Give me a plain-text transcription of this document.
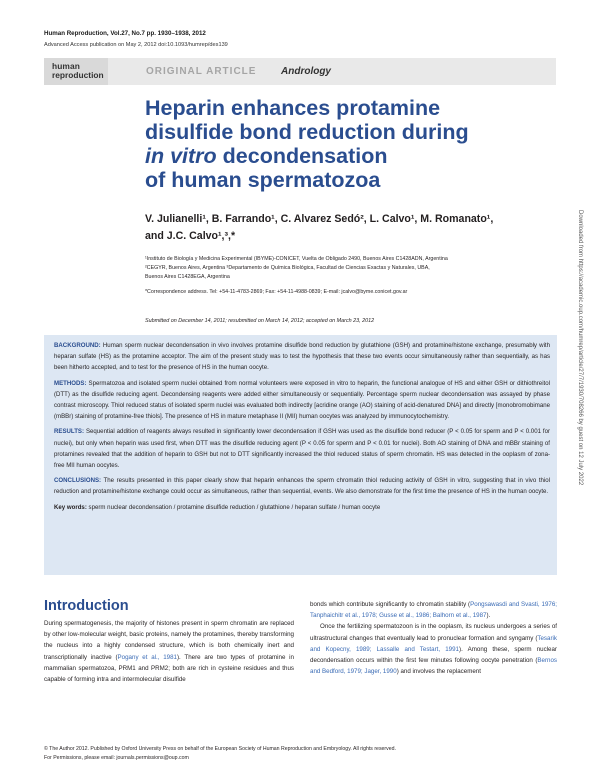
Human Reproduction, Vol.27, No.7 pp. 1930–1938, 2012
Advanced Access publication on May 2, 2012 doi:10.1093/humrep/des139
human
reproduction	ORIGINAL ARTICLE Andrology
Heparin enhances protamine
disulfide bond reduction during
in vitro decondensation
of human spermatozoa
V. Julianelli¹, B. Farrando¹, C. Alvarez Sedó², L. Calvo¹, M. Romanato¹,
and J.C. Calvo¹,³,*
¹Instituto de Biología y Medicina Experimental (IBYME)-CONICET, Vuelta de Obligado 2490, Buenos Aires C1428ADN, Argentina
²CEGYR, Buenos Aires, Argentina ³Departamento de Química Biológica, Facultad de Ciencias Exactas y Naturales, UBA,
Buenos Aires C1428EGA, Argentina
*Correspondence address. Tel: +54-11-4783-2869; Fax: +54-11-4988-0839; E-mail: jcalvo@byme.conicet.gov.ar
Submitted on December 14, 2011; resubmitted on March 14, 2012; accepted on March 23, 2012

BACKGROUND: Human sperm nuclear decondensation in vivo involves protamine disulfide bond reduction by glutathione (GSH) and protamine/histone exchange, presumably with heparan sulfate (HS) as the protamine acceptor. The aim of the present study was to test the hypothesis that these two events occur simultaneously rather than sequentially, as has been hitherto accepted, and to test for the presence of HS in the human oocyte.

METHODS: Spermatozoa and isolated sperm nuclei obtained from normal volunteers were exposed in vitro to heparin, the functional analogue of HS and either GSH or dithiothreitol (DTT) as the disulfide reducing agent. Decondensing reagents were added either simultaneously or sequentially. Percentage sperm nuclear decondensation was assayed by phase contrast microscopy. Thiol reduced status of isolated sperm nuclei was evaluated both indirectly [acridine orange (AO) staining of acid-denatured DNA] and directly [monobromobimane (mBBr) staining of protamine-free thiols]. The presence of HS in mature metaphase II (MII) human oocytes was analyzed by immunocytochemistry.

RESULTS: Sequential addition of reagents always resulted in significantly lower decondensation if GSH was used as the disulfide bond reducer (P < 0.05 for sperm and P < 0.001 for nuclei), but only when heparin was used first, when DTT was the disulfide reducing agent (P < 0.05 for sperm and P < 0.01 for nuclei). Both AO staining of DNA and mBBr staining of protamines revealed that the addition of heparin to GSH but not to DTT significantly increased the thiol reduced status of sperm chromatin. HS was detected in the ooplasm of zona-free MII human oocytes.

CONCLUSIONS: The results presented in this paper clearly show that heparin enhances the sperm chromatin thiol reducing activity of GSH in vitro, suggesting that in vivo thiol reduction and protamine/histone exchange could occur as simultaneous, rather than sequential, events. We also demonstrate for the first time the presence of HS in the human oocyte.

Key words: sperm nuclear decondensation / protamine disulfide reduction / glutathione / heparan sulfate / human oocyte

Introduction
During spermatogenesis, the majority of histones present in sperm chromatin are replaced by other low-molecular weight, basic proteins, namely the protamines, thereby transforming the nucleus into a highly condensed structure, which is both chemically inert and transcriptionally inactive (Pogany et al., 1981). There are two types of protamine in mammalian spermatozoa, PRM1 and PRM2; both are rich in cysteine residues and thus capable of forming intra and intermolecular disulfide
bonds which contribute significantly to chromatin stability (Pongsawasdi and Svasti, 1976; Tanphaichitr et al., 1978; Gusse et al., 1986; Balhorn et al., 1987).

Once the fertilizing spermatozoon is in the ooplasm, its nucleus undergoes a series of ultrastructural changes that eventually lead to pronuclear formation and syngamy (Tesarik and Kopecny, 1989; Lassalle and Testart, 1991). Among these, sperm nuclear decondensation occurs within the first few minutes following oocyte penetration (Bernos and Bedford, 1979; Jager, 1990) and involves the replacement

© The Author 2012. Published by Oxford University Press on behalf of the European Society of Human Reproduction and Embryology. All rights reserved.
For Permissions, please email: journals.permissions@oup.com
Downloaded from https://academic.oup.com/humrep/article/27/7/1930/708266 by guest on 12 July 2022
